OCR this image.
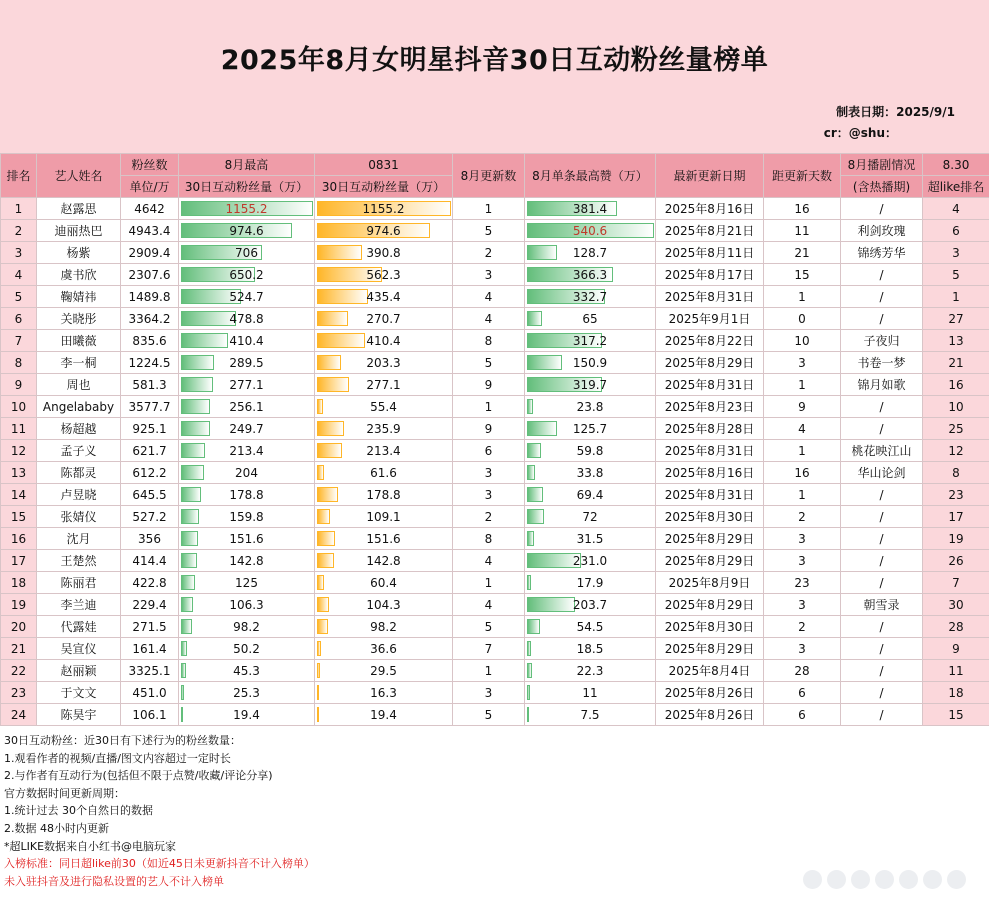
2025年8月女明星抖音30日互动粉丝量榜单
制表日期：2025/9/1
cr：@shu：
排名	艺人姓名	粉丝数	8月最高	0831	8月更新数	8月单条最高赞（万）	最新更新日期	距更新天数	8月播剧情况	8.30
		单位/万	30日互动粉丝量（万）	30日互动粉丝量（万）					(含热播期)	超like排名
1	赵露思	4642	1155.2	1155.2	1	381.4	2025年8月16日	16	/	4
2	迪丽热巴	4943.4	974.6	974.6	5	540.6	2025年8月21日	11	利剑玫瑰	6
3	杨紫	2909.4	706	390.8	2	128.7	2025年8月11日	21	锦绣芳华	3
4	虞书欣	2307.6	650.2	562.3	3	366.3	2025年8月17日	15	/	5
5	鞠婧祎	1489.8	524.7	435.4	4	332.7	2025年8月31日	1	/	1
6	关晓彤	3364.2	478.8	270.7	4	65	2025年9月1日	0	/	27
7	田曦薇	835.6	410.4	410.4	8	317.2	2025年8月22日	10	子夜归	13
8	李一桐	1224.5	289.5	203.3	5	150.9	2025年8月29日	3	书卷一梦	21
9	周也	581.3	277.1	277.1	9	319.7	2025年8月31日	1	锦月如歌	16
10	Angelababy	3577.7	256.1	55.4	1	23.8	2025年8月23日	9	/	10
11	杨超越	925.1	249.7	235.9	9	125.7	2025年8月28日	4	/	25
12	孟子义	621.7	213.4	213.4	6	59.8	2025年8月31日	1	桃花映江山	12
13	陈都灵	612.2	204	61.6	3	33.8	2025年8月16日	16	华山论剑	8
14	卢昱晓	645.5	178.8	178.8	3	69.4	2025年8月31日	1	/	23
15	张婧仪	527.2	159.8	109.1	2	72	2025年8月30日	2	/	17
16	沈月	356	151.6	151.6	8	31.5	2025年8月29日	3	/	19
17	王楚然	414.4	142.8	142.8	4	231.0	2025年8月29日	3	/	26
18	陈丽君	422.8	125	60.4	1	17.9	2025年8月9日	23	/	7
19	李兰迪	229.4	106.3	104.3	4	203.7	2025年8月29日	3	朝雪录	30
20	代露娃	271.5	98.2	98.2	5	54.5	2025年8月30日	2	/	28
21	吴宣仪	161.4	50.2	36.6	7	18.5	2025年8月29日	3	/	9
22	赵丽颖	3325.1	45.3	29.5	1	22.3	2025年8月4日	28	/	11
23	于文文	451.0	25.3	16.3	3	11	2025年8月26日	6	/	18
24	陈昊宇	106.1	19.4	19.4	5	7.5	2025年8月26日	6	/	15
30日互动粉丝：近30日有下述行为的粉丝数量：
1.观看作者的视频/直播/图文内容超过一定时长
2.与作者有互动行为(包括但不限于点赞/收藏/评论分享)
官方数据时间更新周期：
1.统计过去 30个自然日的数据
2.数据 48小时内更新
*超LIKE数据来自小红书@电脑玩家
入榜标准：同日超like前30（如近45日未更新抖音不计入榜单）
未入驻抖音及进行隐私设置的艺人不计入榜单
